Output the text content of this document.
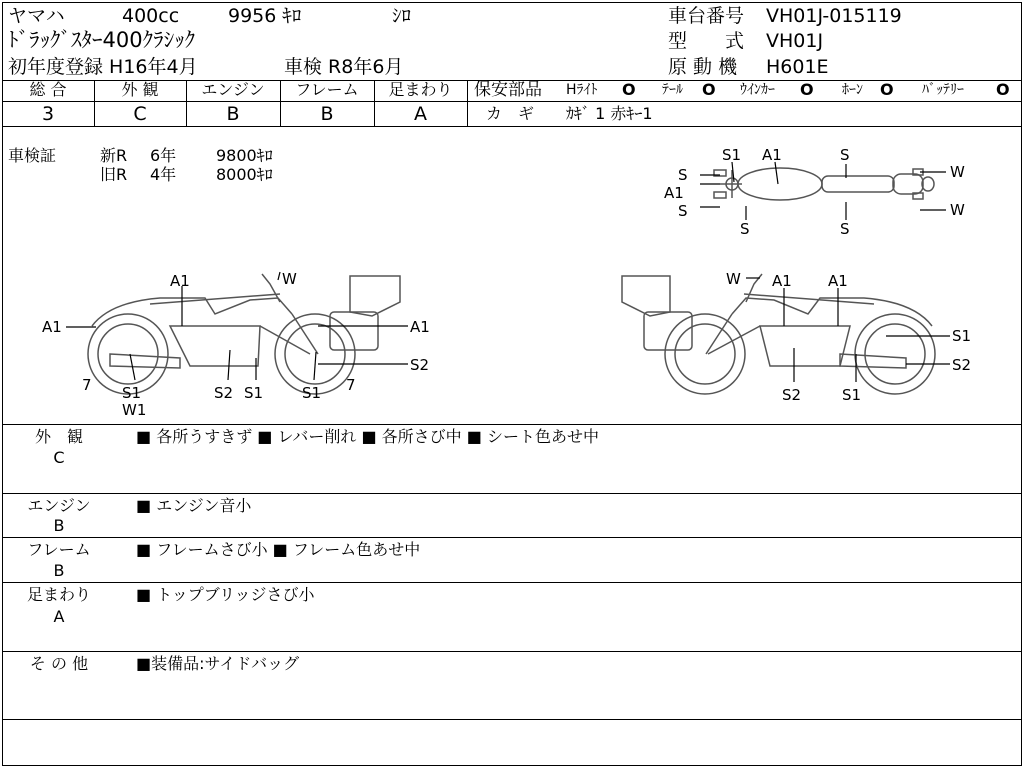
ヤマハ	400cc	9956 ｷﾛ	ｼﾛ
ﾄﾞﾗｯｸﾞｽﾀｰ400ｸﾗｼｯｸ
初年度登録 H16年4月	車検 R8年6月
車台番号 VH01J-015119
型　　式 VH01J
原 動 機 H601E
総 合	外 観	エンジン	フレーム	足まわり
3	C	B	B	A
保安部品 Hﾗｲﾄ O ﾃｰﾙ O ｳｲﾝｶｰ O ﾎｰﾝ O ﾊﾞｯﾃﾘｰ O
カ　ギ ｶｷﾞ 1 赤ｷｰ1
車検証	新R 6年 9800ｷﾛ
旧R 4年 8000ｷﾛ	S
A1
S
S1 A1	S
S	S
W
W
A1
A1	W
A1
S2
7 S1
W1
S2 S1	S1 7
W A1 A1
S1
S2
S2	S1
外　観
C
■ 各所うすきず ■ レバー削れ ■ 各所さび中 ■ シート色あせ中
エンジン
B
■ エンジン音小
フレーム
B
■ フレームさび小 ■ フレーム色あせ中
足まわり
A
■ トップブリッジさび小
そ の 他	■装備品:サイドバッグ
